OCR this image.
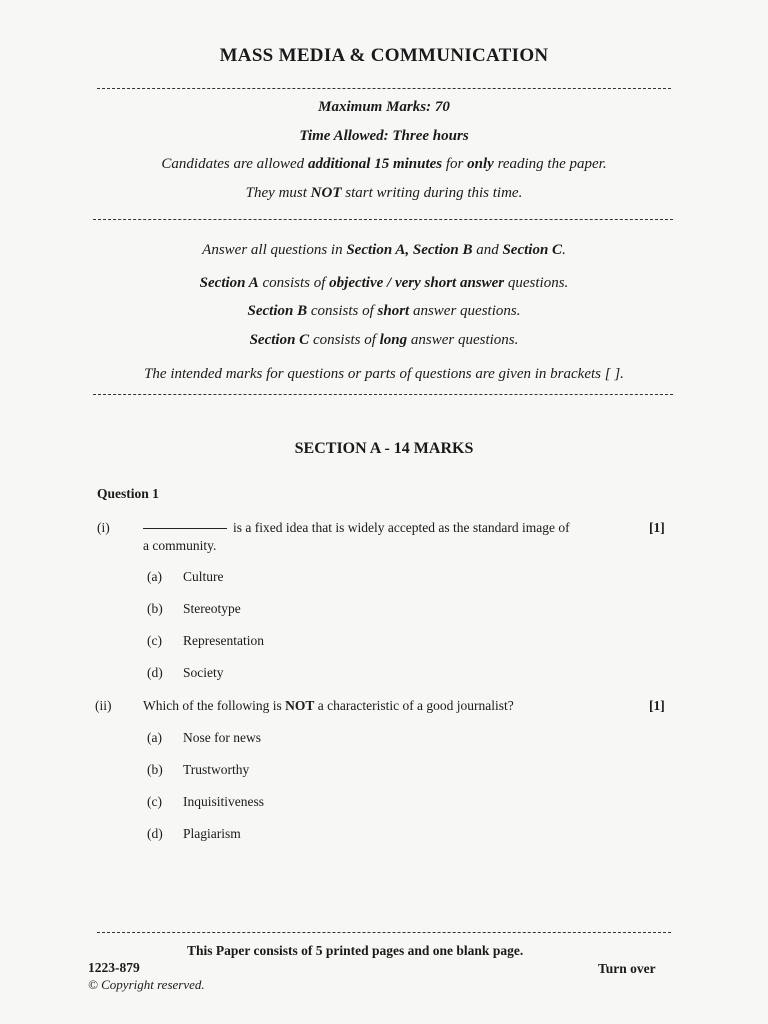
MASS MEDIA & COMMUNICATION
Maximum Marks: 70
Time Allowed: Three hours
Candidates are allowed additional 15 minutes for only reading the paper.
They must NOT start writing during this time.
Answer all questions in Section A, Section B and Section C.
Section A consists of objective / very short answer questions.
Section B consists of short answer questions.
Section C consists of long answer questions.
The intended marks for questions or parts of questions are given in brackets [ ].
SECTION A - 14 MARKS
Question 1
(i)	is a fixed idea that is widely accepted as the standard image of
a community.
[1]
(a) Culture
(b) Stereotype
(c) Representation
(d) Society
(ii) Which of the following is NOT a characteristic of a good journalist?	[1]
(a) Nose for news
(b) Trustworthy
(c) Inquisitiveness
(d) Plagiarism
This Paper consists of 5 printed pages and one blank page.
1223-879	Turn over
© Copyright reserved.
